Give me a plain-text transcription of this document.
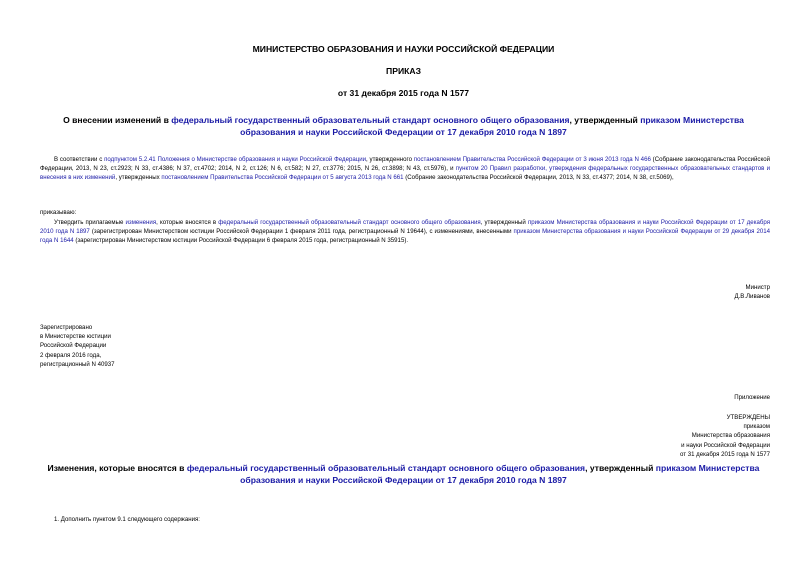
МИНИСТЕРСТВО ОБРАЗОВАНИЯ И НАУКИ РОССИЙСКОЙ ФЕДЕРАЦИИ
ПРИКАЗ
от 31 декабря 2015 года N 1577
О внесении изменений в федеральный государственный образовательный стандарт основного общего образования, утвержденный приказом Министерства образования и науки Российской Федерации от 17 декабря 2010 года N 1897
В соответствии с подпунктом 5.2.41 Положения о Министерстве образования и науки Российской Федерации, утвержденного постановлением Правительства Российской Федерации от 3 июня 2013 года N 466 (Собрание законодательства Российской Федерации, 2013, N 23, ст.2923; N 33, ст.4386; N 37, ст.4702; 2014, N 2, ст.126; N 6, ст.582; N 27, ст.3776; 2015, N 26, ст.3898; N 43, ст.5976), и пунктом 20 Правил разработки, утверждения федеральных государственных образовательных стандартов и внесения в них изменений, утвержденных постановлением Правительства Российской Федерации от 5 августа 2013 года N 661 (Собрание законодательства Российской Федерации, 2013, N 33, ст.4377; 2014, N 38, ст.5069),
приказываю:
Утвердить прилагаемые изменения, которые вносятся в федеральный государственный образовательный стандарт основного общего образования, утвержденный приказом Министерства образования и науки Российской Федерации от 17 декабря 2010 года N 1897 (зарегистрирован Министерством юстиции Российской Федерации 1 февраля 2011 года, регистрационный N 19644), с изменениями, внесенными приказом Министерства образования и науки Российской Федерации от 29 декабря 2014 года N 1644 (зарегистрирован Министерством юстиции Российской Федерации 6 февраля 2015 года, регистрационный N 35915).
Министр
Д.В.Ливанов
Зарегистрировано
в Министерстве юстиции
Российской Федерации
2 февраля 2016 года,
регистрационный N 40937
Приложение
УТВЕРЖДЕНЫ
приказом
Министерства образования
и науки Российской Федерации
от 31 декабря 2015 года N 1577
Изменения, которые вносятся в федеральный государственный образовательный стандарт основного общего образования, утвержденный приказом Министерства образования и науки Российской Федерации от 17 декабря 2010 года N 1897
1. Дополнить пунктом 9.1 следующего содержания:
